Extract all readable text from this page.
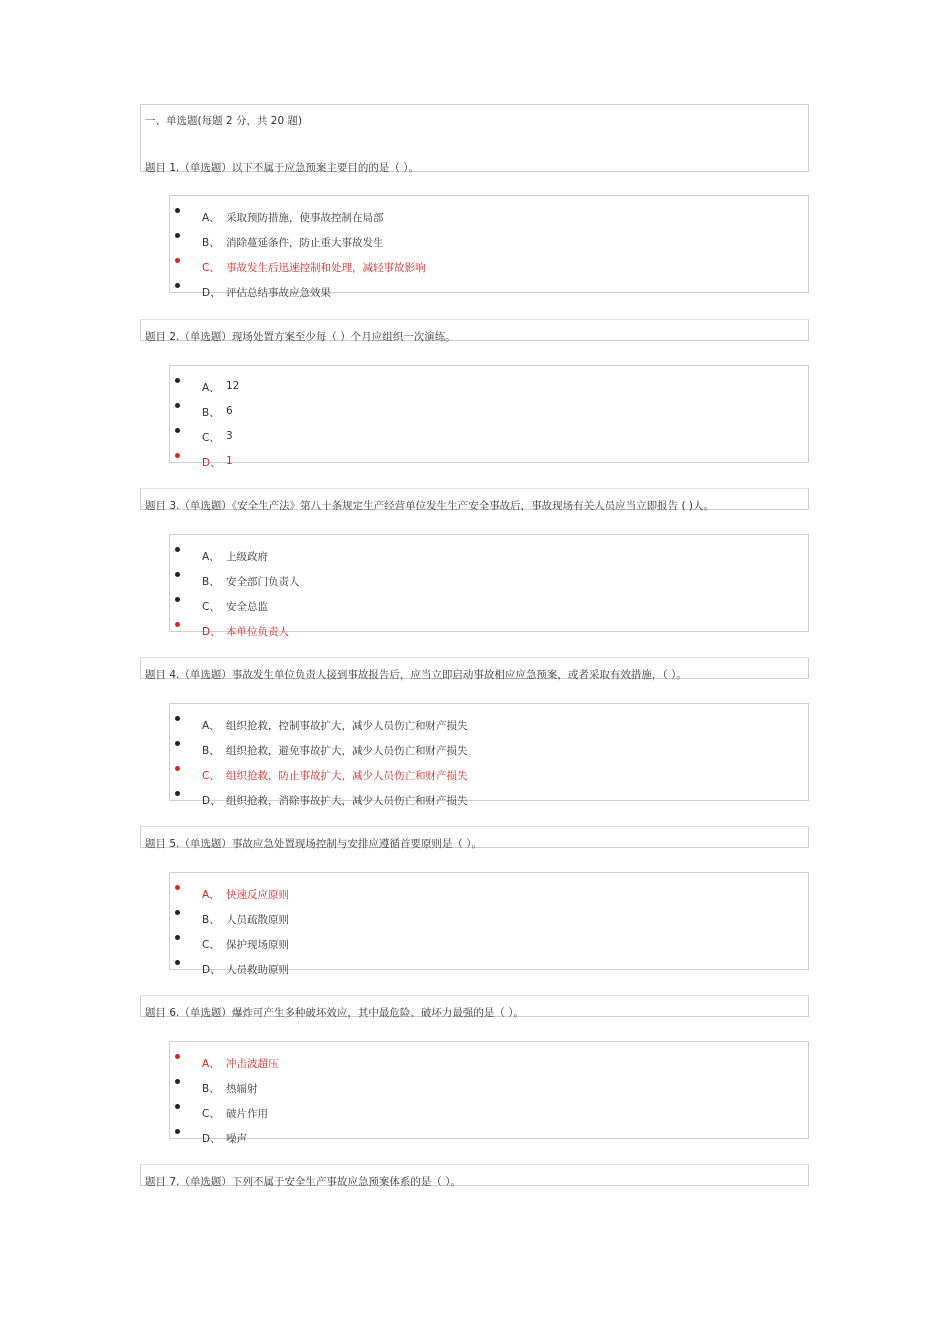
一、单选题(每题 2 分，共 20 题)
题目 1.（单选题）以下不属于应急预案主要目的的是（ ）。
A、 采取预防措施，使事故控制在局部
B、 消除蔓延条件，防止重大事故发生
C、 事故发生后迅速控制和处理，减轻事故影响
D、 评估总结事故应急效果
题目 2.（单选题）现场处置方案至少每（ ）个月应组织一次演练。
A、 12
B、 6
C、 3
D、 1
题目 3.（单选题）《安全生产法》第八十条规定生产经营单位发生生产安全事故后，事故现场有关人员应当立即报告 ( )人。
A、 上级政府
B、 安全部门负责人
C、 安全总监
D、 本单位负责人
题目 4.（单选题）事故发生单位负责人接到事故报告后，应当立即启动事故相应应急预案，或者采取有效措施，（ ）。
A、 组织抢救，控制事故扩大，减少人员伤亡和财产损失
B、 组织抢救，避免事故扩大，减少人员伤亡和财产损失
C、 组织抢救，防止事故扩大，减少人员伤亡和财产损失
D、 组织抢救，消除事故扩大，减少人员伤亡和财产损失
题目 5.（单选题）事故应急处置现场控制与安排应遵循首要原则是（ ）。
A、 快速反应原则
B、 人员疏散原则
C、 保护现场原则
D、 人员救助原则
题目 6.（单选题）爆炸可产生多种破坏效应，其中最危险、破坏力最强的是（ ）。
A、 冲击波超压
B、 热辐射
C、 破片作用
D、 噪声
题目 7.（单选题）下列不属于安全生产事故应急预案体系的是（ ）。
